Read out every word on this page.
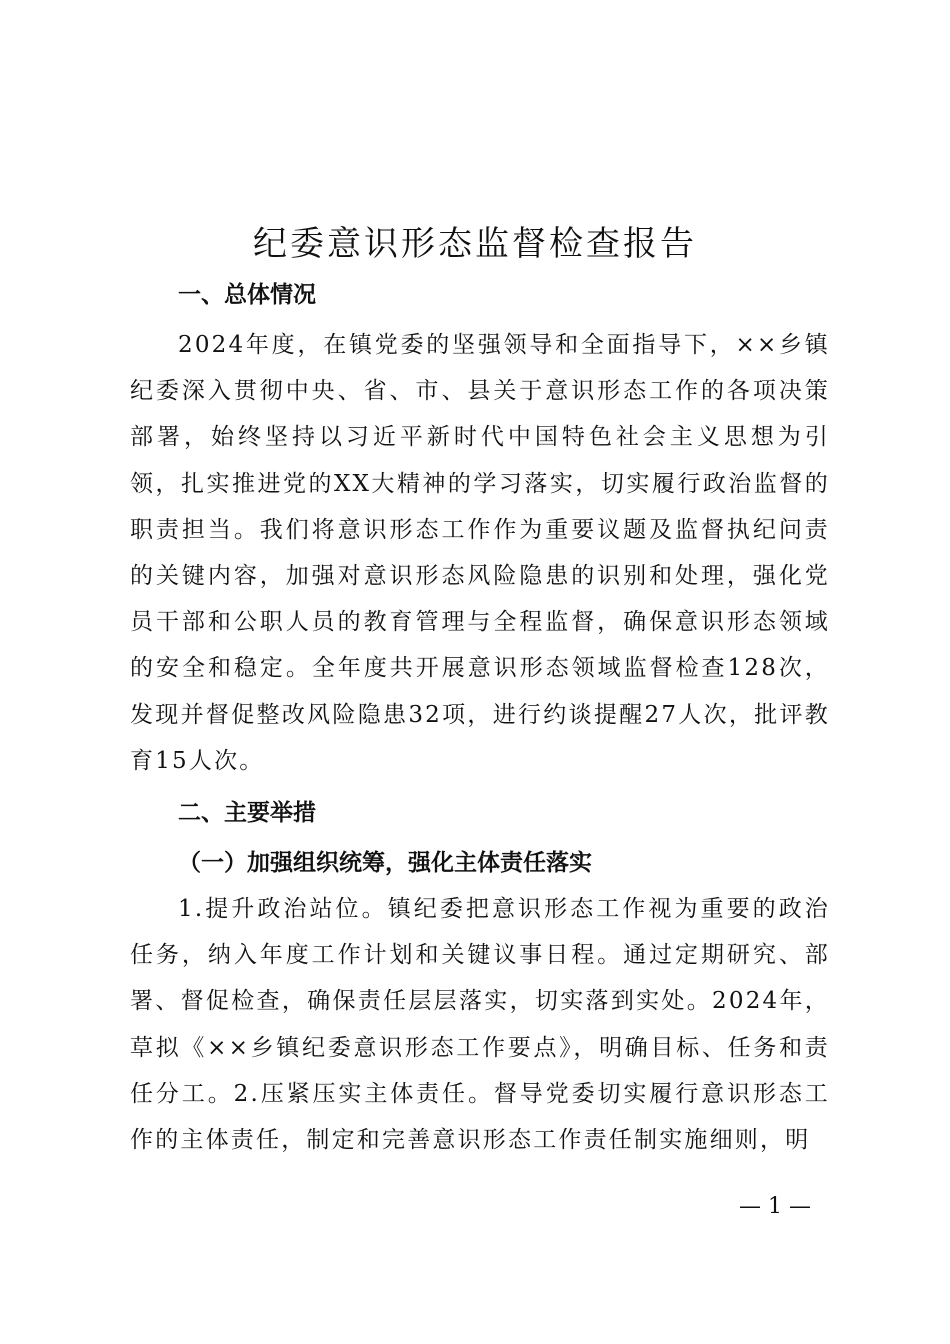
纪委意识形态监督检查报告
一、总体情况

2024年度，在镇党委的坚强领导和全面指导下，××乡镇纪委深入贯彻中央、省、市、县关于意识形态工作的各项决策部署，始终坚持以习近平新时代中国特色社会主义思想为引领，扎实推进党的XX大精神的学习落实，切实履行政治监督的职责担当。我们将意识形态工作作为重要议题及监督执纪问责的关键内容，加强对意识形态风险隐患的识别和处理，强化党员干部和公职人员的教育管理与全程监督，确保意识形态领域的安全和稳定。全年度共开展意识形态领域监督检查128次，发现并督促整改风险隐患32项，进行约谈提醒27人次，批评教育15人次。

二、主要举措
（一）加强组织统筹，强化主体责任落实

1.提升政治站位。镇纪委把意识形态工作视为重要的政治任务，纳入年度工作计划和关键议事日程。通过定期研究、部署、督促检查，确保责任层层落实，切实落到实处。2024年，草拟《××乡镇纪委意识形态工作要点》，明确目标、任务和责任分工。2.压紧压实主体责任。督导党委切实履行意识形态工作的主体责任，制定和完善意识形态工作责任制实施细则，明

— 1 —
